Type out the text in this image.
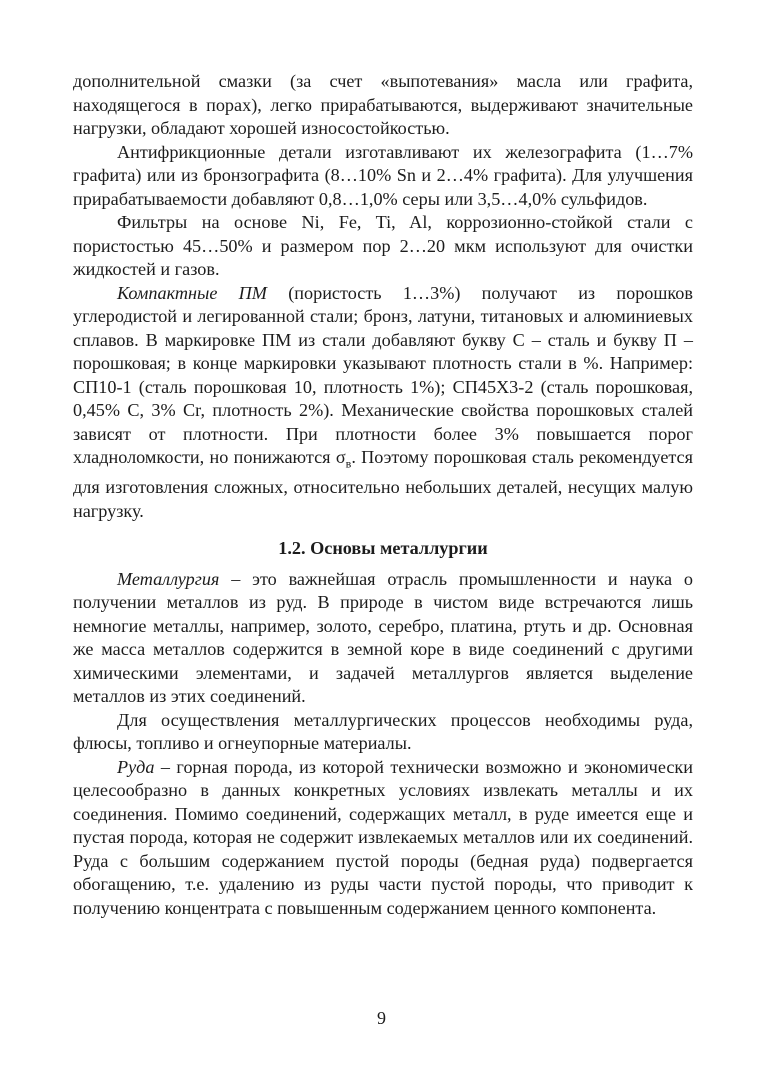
дополнительной смазки (за счет «выпотевания» масла или графита, находящегося в порах), легко прирабатываются, выдерживают значительные нагрузки, обладают хорошей износостойкостью.

Антифрикционные детали изготавливают их железографита (1…7% графита) или из бронзографита (8…10% Sn и 2…4% графита). Для улучшения прирабатываемости добавляют 0,8…1,0% серы или 3,5…4,0% сульфидов.

Фильтры на основе Ni, Fe, Ti, Al, коррозионно-стойкой стали с пористостью 45…50% и размером пор 2…20 мкм используют для очистки жидкостей и газов.

Компактные ПМ (пористость 1…3%) получают из порошков углеродистой и легированной стали; бронз, латуни, титановых и алюминиевых сплавов. В маркировке ПМ из стали добавляют букву С – сталь и букву П – порошковая; в конце маркировки указывают плотность стали в %. Например: СП10-1 (сталь порошковая 10, плотность 1%); СП45Х3-2 (сталь порошковая, 0,45% С, 3% Cr, плотность 2%). Механические свойства порошковых сталей зависят от плотности. При плотности более 3% повышается порог хладноломкости, но понижаются $\sigma_в$. Поэтому порошковая сталь рекомендуется для изготовления сложных, относительно небольших деталей, несущих малую нагрузку.

1.2. Основы металлургии

Металлургия – это важнейшая отрасль промышленности и наука о получении металлов из руд. В природе в чистом виде встречаются лишь немногие металлы, например, золото, серебро, платина, ртуть и др. Основная же масса металлов содержится в земной коре в виде соединений с другими химическими элементами, и задачей металлургов является выделение металлов из этих соединений.

Для осуществления металлургических процессов необходимы руда, флюсы, топливо и огнеупорные материалы.

Руда – горная порода, из которой технически возможно и экономически целесообразно в данных конкретных условиях извлекать металлы и их соединения. Помимо соединений, содержащих металл, в руде имеется еще и пустая порода, которая не содержит извлекаемых металлов или их соединений. Руда с большим содержанием пустой породы (бедная руда) подвергается обогащению, т.е. удалению из руды части пустой породы, что приводит к получению концентрата с повышенным содержанием ценного компонента.

9
